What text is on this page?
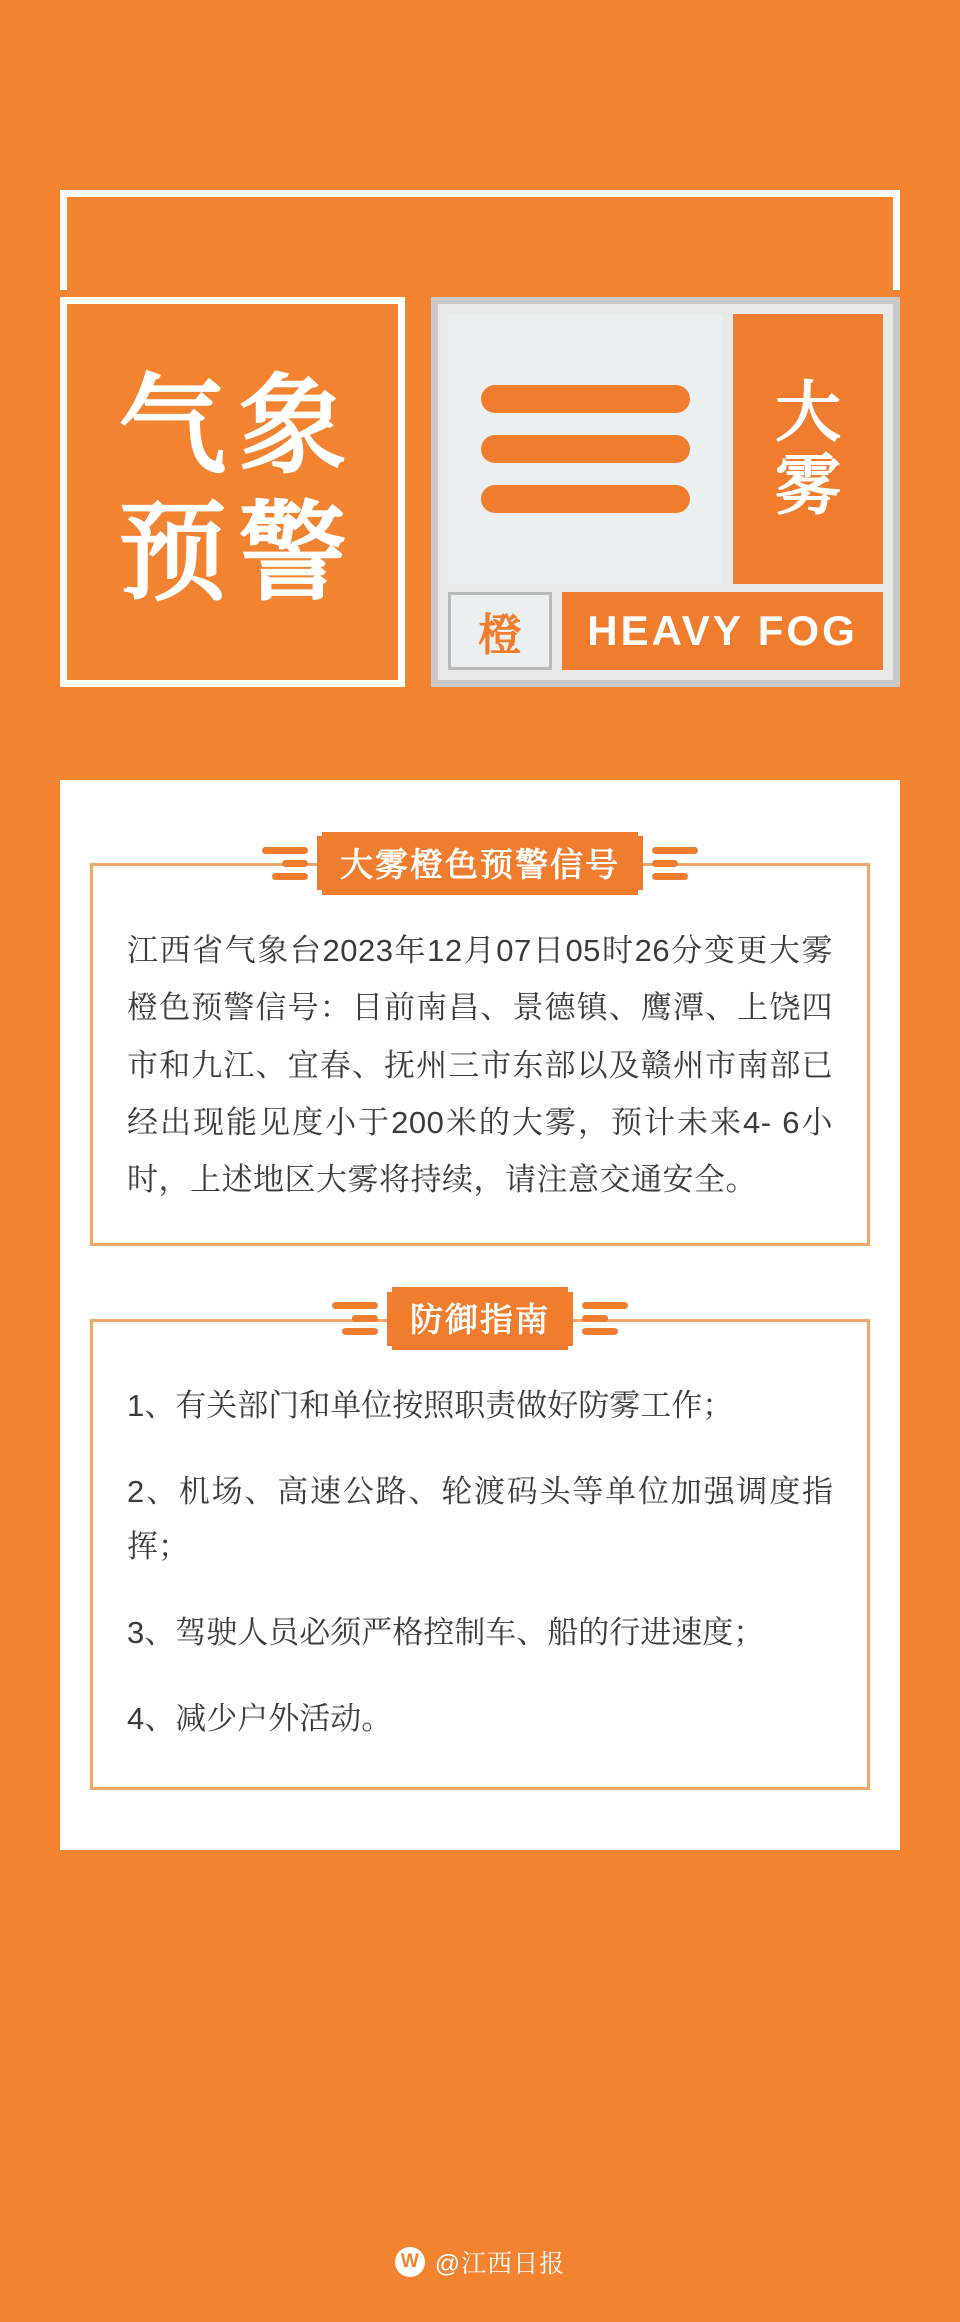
气象
预警
大
雾
橙	HEAVY FOG
大雾橙色预警信号
江西省气象台2023年12月07日05时26分变更大雾橙色预警信号：目前南昌、景德镇、鹰潭、上饶四市和九江、宜春、抚州三市东部以及赣州市南部已经出现能见度小于200米的大雾，预计未来4- 6小时，上述地区大雾将持续，请注意交通安全。
防御指南
1、有关部门和单位按照职责做好防雾工作；
2、机场、高速公路、轮渡码头等单位加强调度指挥；
3、驾驶人员必须严格控制车、船的行进速度；
4、减少户外活动。
W @江西日报
